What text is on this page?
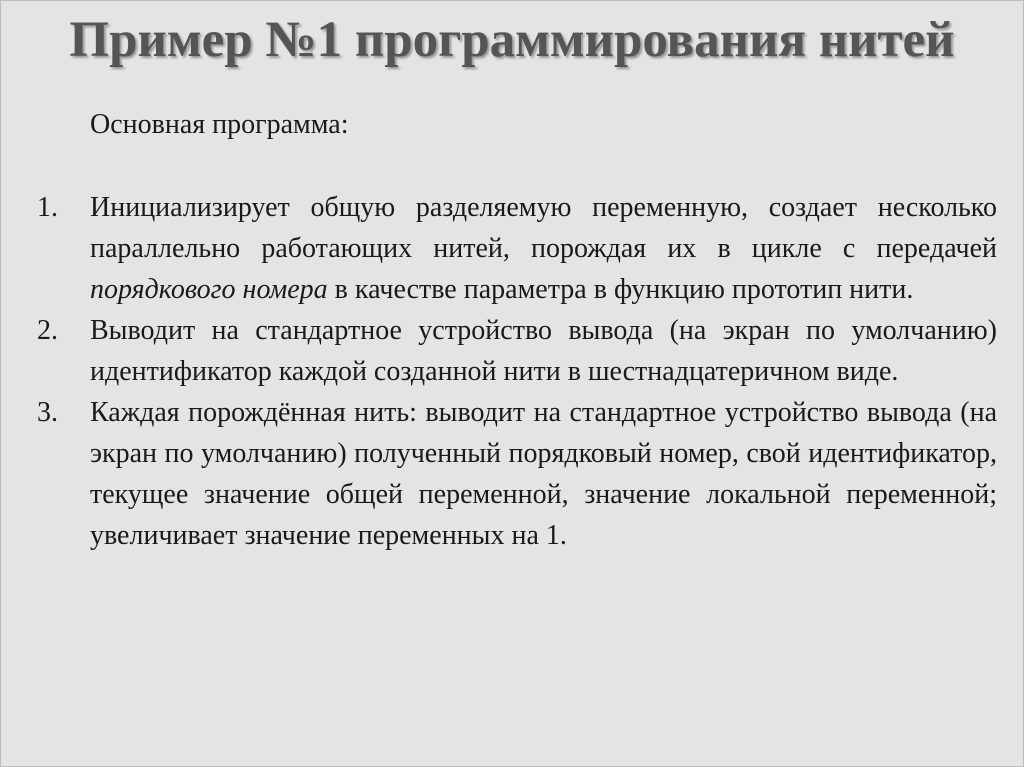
Пример №1 программирования нитей
Основная программа:
1. Инициализирует общую разделяемую переменную, создает несколько параллельно работающих нитей, порождая их в цикле с передачей порядкового номера в качестве параметра в функцию прототип нити.
2. Выводит на стандартное устройство вывода (на экран по умолчанию) идентификатор каждой созданной нити в шестнадцатеричном виде.
3. Каждая порождённая нить: выводит на стандартное устройство вывода (на экран по умолчанию) полученный порядковый номер, свой идентификатор, текущее значение общей переменной, значение локальной переменной; увеличивает значение переменных на 1.
